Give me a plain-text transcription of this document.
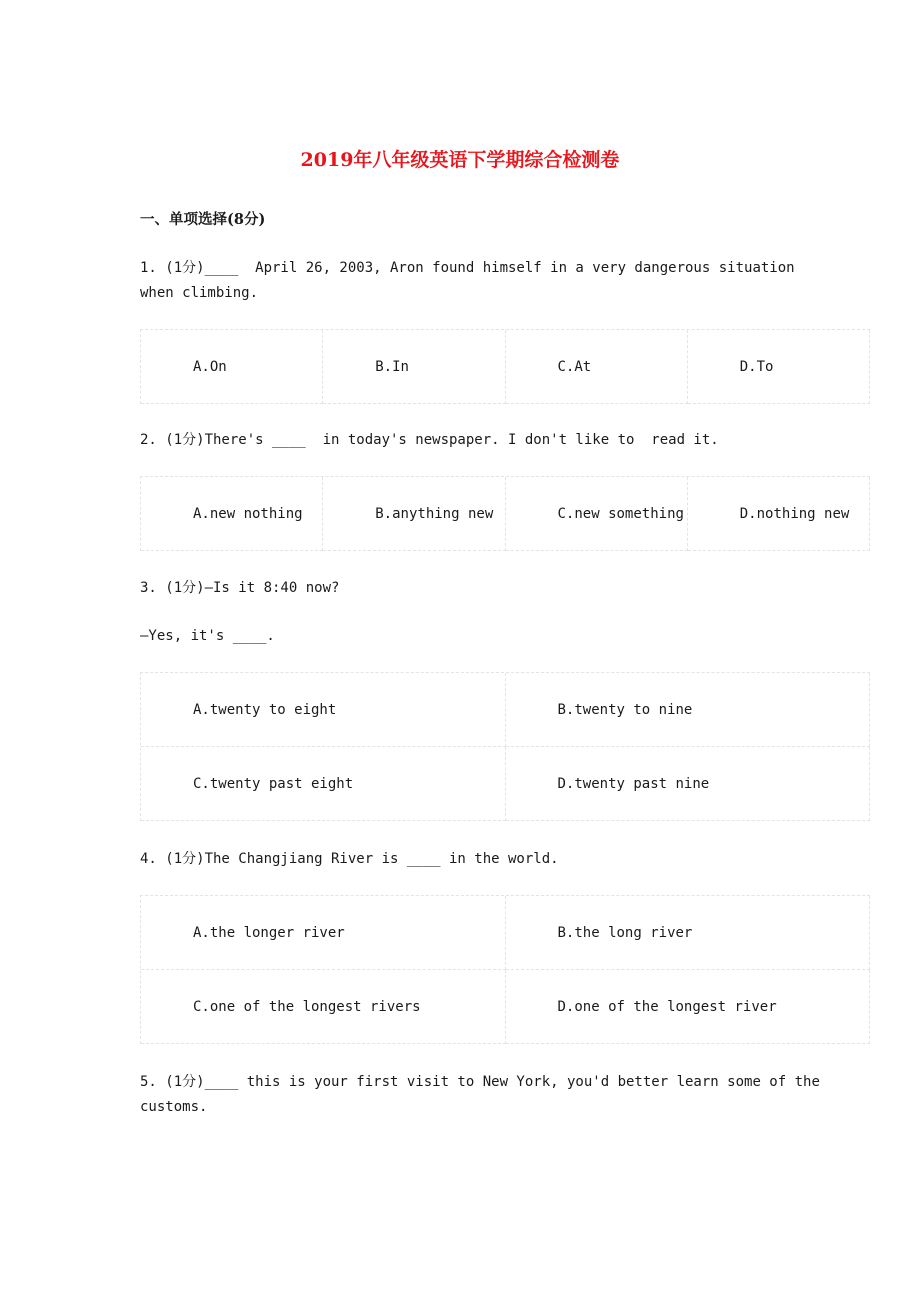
2019年八年级英语下学期综合检测卷
一、单项选择(8分)

1. (1分)____  April 26, 2003, Aron found himself in a very dangerous situation when climbing.

A.On	B.In	C.At	D.To

2. (1分)There's ____  in today's newspaper. I don't like to  read it.

A.new nothing	B.anything new	C.new something	D.nothing new

3. (1分)—Is it 8:40 now?

—Yes, it's ____.

A.twenty to eight	B.twenty to nine
C.twenty past eight	D.twenty past nine

4. (1分)The Changjiang River is ____ in the world.

A.the longer river	B.the long river
C.one of the longest rivers	D.one of the longest river

5. (1分)____ this is your first visit to New York, you'd better learn some of the customs.
